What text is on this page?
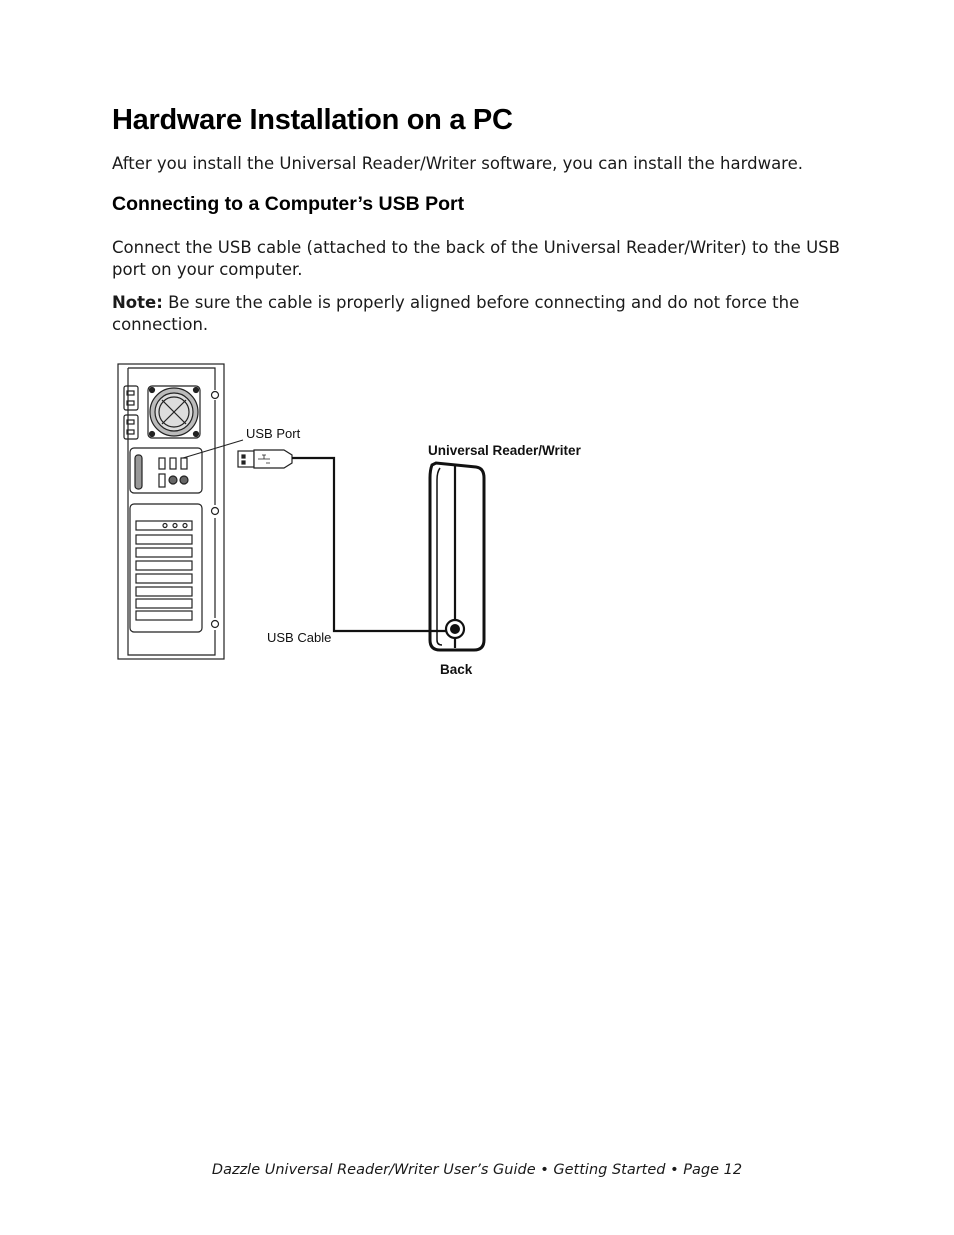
Hardware Installation on a PC

After you install the Universal Reader/Writer software, you can install the hardware.

Connecting to a Computer’s USB Port

Connect the USB cable (attached to the back of the Universal Reader/Writer) to the USB port on your computer.

Note: Be sure the cable is properly aligned before connecting and do not force the connection.

USB Port
Universal Reader/Writer
USB Cable
Back
Dazzle Universal Reader/Writer User’s Guide • Getting Started • Page 12
